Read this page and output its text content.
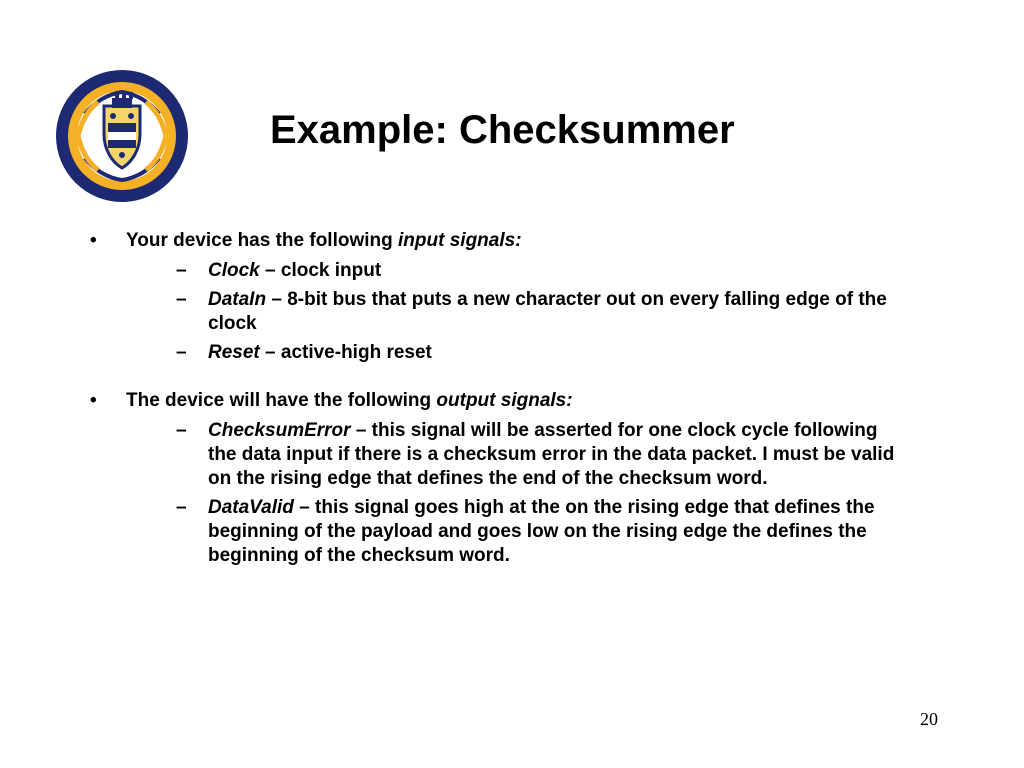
Example: Checksummer
• Your device has the following input signals:
– Clock – clock input
– DataIn – 8-bit bus that puts a new character out on every falling edge of the clock
– Reset – active-high reset
• The device will have the following output signals:
– ChecksumError – this signal will be asserted for one clock cycle following the data input if there is a checksum error in the data packet. I must be valid on the rising edge that defines the end of the checksum word.
– DataValid – this signal goes high at the on the rising edge that defines the beginning of the payload and goes low on the rising edge the defines the beginning of the checksum word.
20
